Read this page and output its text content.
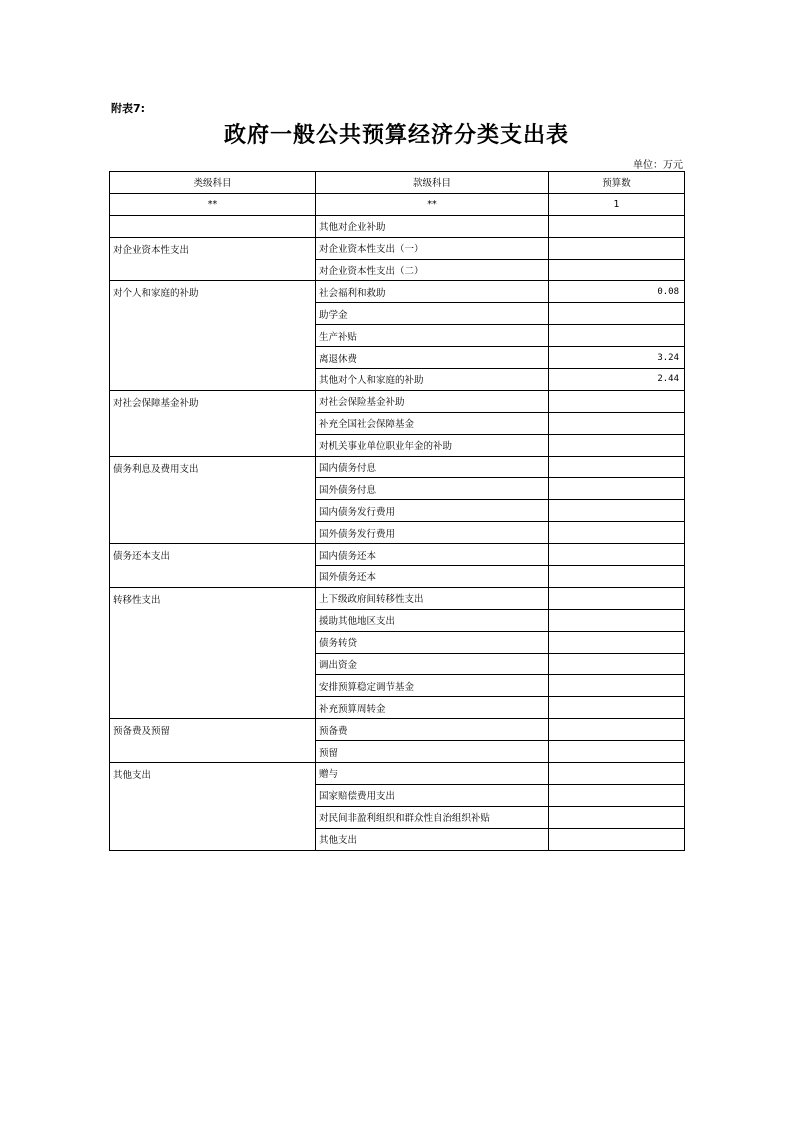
附表7:
政府一般公共预算经济分类支出表
单位：万元
类级科目	款级科目	预算数
**	**	1
	其他对企业补助	
对企业资本性支出	对企业资本性支出（一）	
	对企业资本性支出（二）	
对个人和家庭的补助	社会福利和救助	0.08
	助学金	
	生产补贴	
	离退休费	3.24
	其他对个人和家庭的补助	2.44
对社会保障基金补助	对社会保险基金补助	
	补充全国社会保障基金	
	对机关事业单位职业年金的补助	
债务利息及费用支出	国内债务付息	
	国外债务付息	
	国内债务发行费用	
	国外债务发行费用	
债务还本支出	国内债务还本	
	国外债务还本	
转移性支出	上下级政府间转移性支出	
	援助其他地区支出	
	债务转贷	
	调出资金	
	安排预算稳定调节基金	
	补充预算周转金	
预备费及预留	预备费	
	预留	
其他支出	赠与	
	国家赔偿费用支出	
	对民间非盈利组织和群众性自治组织补贴	
	其他支出	
